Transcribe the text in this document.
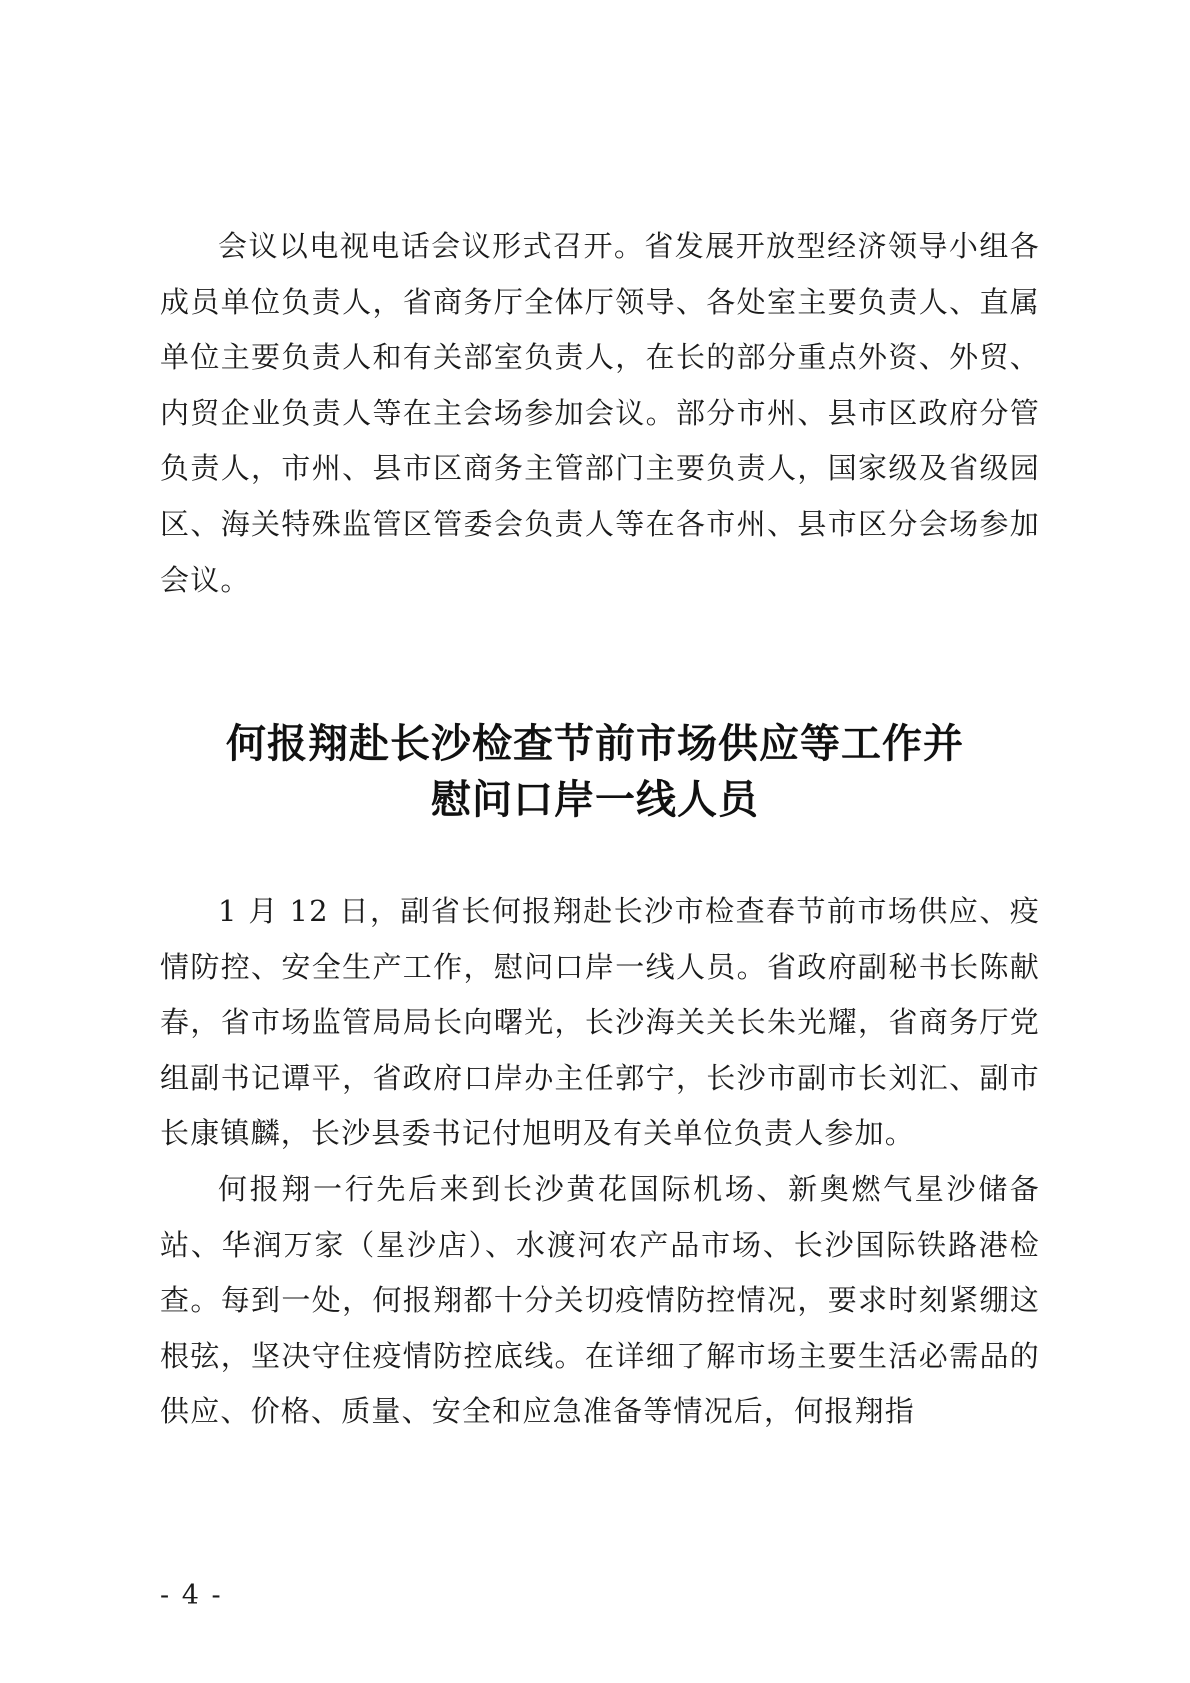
会议以电视电话会议形式召开。省发展开放型经济领导小组各成员单位负责人，省商务厅全体厅领导、各处室主要负责人、直属单位主要负责人和有关部室负责人，在长的部分重点外资、外贸、内贸企业负责人等在主会场参加会议。部分市州、县市区政府分管负责人，市州、县市区商务主管部门主要负责人，国家级及省级园区、海关特殊监管区管委会负责人等在各市州、县市区分会场参加会议。

何报翔赴长沙检查节前市场供应等工作并
慰问口岸一线人员

1 月 12 日，副省长何报翔赴长沙市检查春节前市场供应、疫情防控、安全生产工作，慰问口岸一线人员。省政府副秘书长陈献春，省市场监管局局长向曙光，长沙海关关长朱光耀，省商务厅党组副书记谭平，省政府口岸办主任郭宁，长沙市副市长刘汇、副市长康镇麟，长沙县委书记付旭明及有关单位负责人参加。

何报翔一行先后来到长沙黄花国际机场、新奥燃气星沙储备站、华润万家（星沙店）、水渡河农产品市场、长沙国际铁路港检查。每到一处，何报翔都十分关切疫情防控情况，要求时刻紧绷这根弦，坚决守住疫情防控底线。在详细了解市场主要生活必需品的供应、价格、质量、安全和应急准备等情况后，何报翔指

- 4 -
